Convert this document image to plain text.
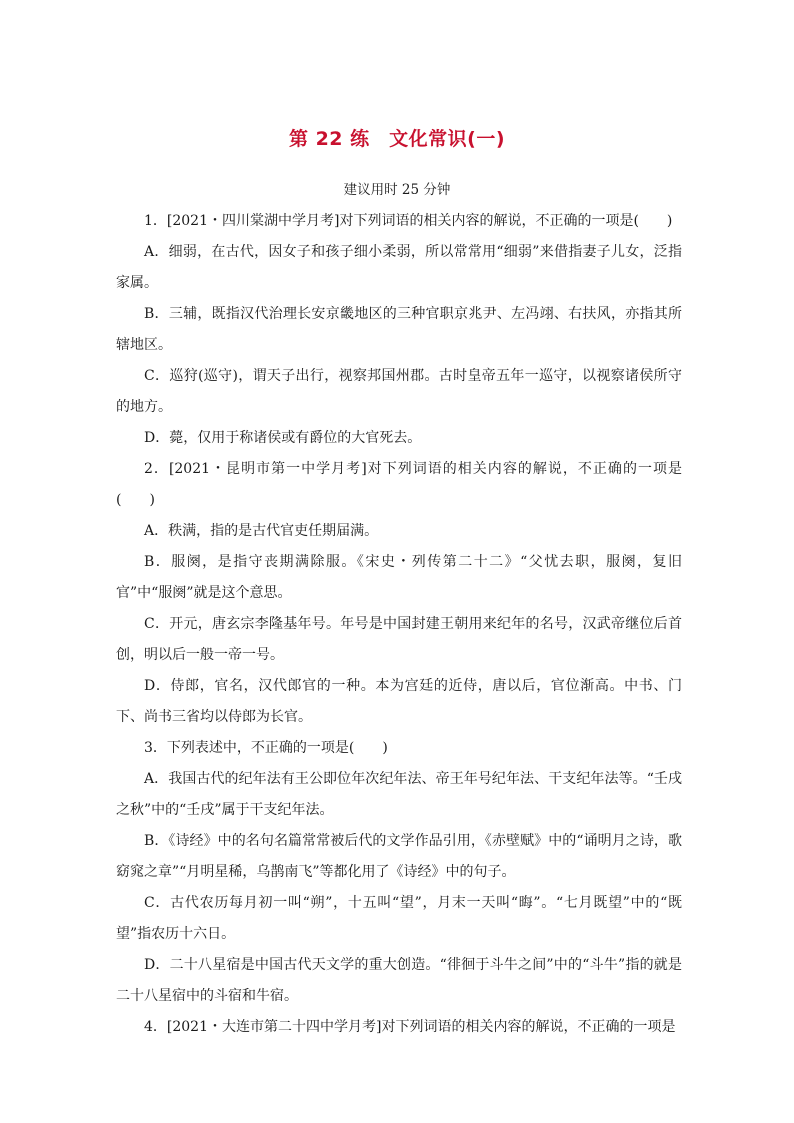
第 22 练　文化常识(一)
建议用时 25 分钟

1．[2021・四川棠湖中学月考]对下列词语的相关内容的解说，不正确的一项是(　　)

A．细弱，在古代，因女子和孩子细小柔弱，所以常常用“细弱”来借指妻子儿女，泛指家属。

B．三辅，既指汉代治理长安京畿地区的三种官职京兆尹、左冯翊、右扶风，亦指其所辖地区。

C．巡狩(巡守)，谓天子出行，视察邦国州郡。古时皇帝五年一巡守，以视察诸侯所守的地方。

D．薨，仅用于称诸侯或有爵位的大官死去。

2．[2021・昆明市第一中学月考]对下列词语的相关内容的解说，不正确的一项是(　　)

A．秩满，指的是古代官吏任期届满。

B．服阕，是指守丧期满除服。《宋史・列传第二十二》“父忧去职，服阕，复旧官”中“服阕”就是这个意思。

C．开元，唐玄宗李隆基年号。年号是中国封建王朝用来纪年的名号，汉武帝继位后首创，明以后一般一帝一号。

D．侍郎，官名，汉代郎官的一种。本为宫廷的近侍，唐以后，官位渐高。中书、门下、尚书三省均以侍郎为长官。

3．下列表述中，不正确的一项是(　　)

A．我国古代的纪年法有王公即位年次纪年法、帝王年号纪年法、干支纪年法等。“壬戌之秋”中的“壬戌”属于干支纪年法。

B．《诗经》中的名句名篇常常被后代的文学作品引用，《赤壁赋》中的“诵明月之诗，歌窈窕之章”“月明星稀，乌鹊南飞”等都化用了《诗经》中的句子。

C．古代农历每月初一叫“朔”，十五叫“望”，月末一天叫“晦”。“七月既望”中的“既望”指农历十六日。

D．二十八星宿是中国古代天文学的重大创造。“徘徊于斗牛之间”中的“斗牛”指的就是二十八星宿中的斗宿和牛宿。

4．[2021・大连市第二十四中学月考]对下列词语的相关内容的解说，不正确的一项是
